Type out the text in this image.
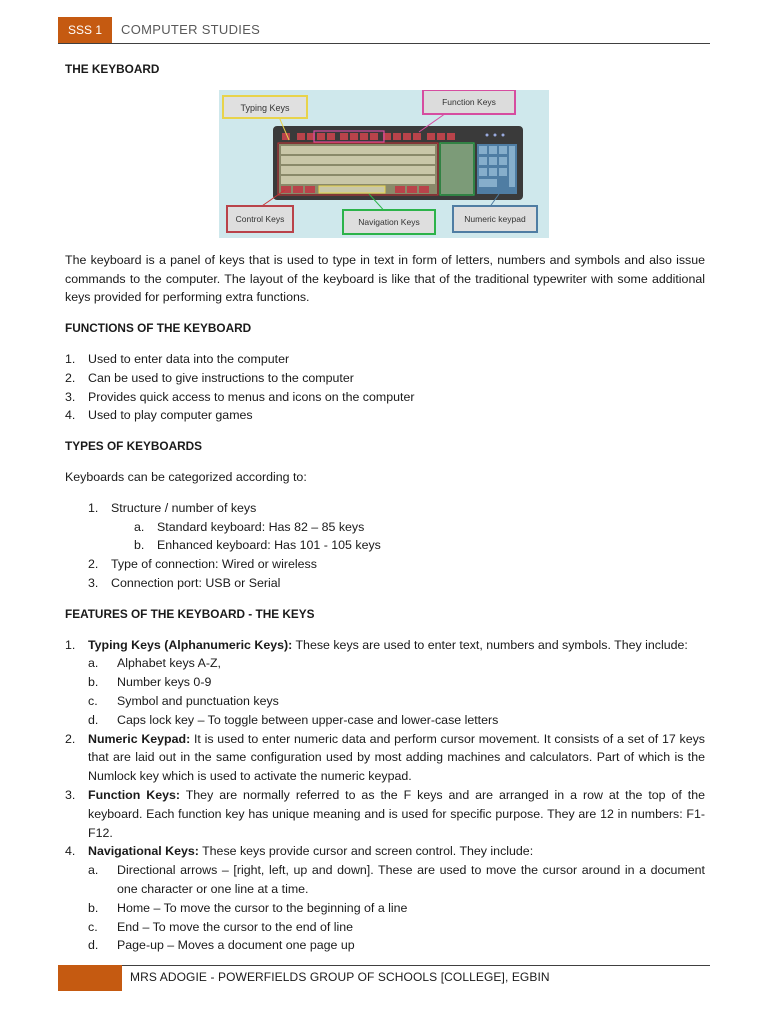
SSS 1	COMPUTER STUDIES
Typing Keys
Function Keys
Control Keys	Navigation Keys	Numeric keypad

THE KEYBOARD

The keyboard is a panel of keys that is used to type in text in form of letters, numbers and symbols and also issue commands to the computer. The layout of the keyboard is like that of the traditional typewriter with some additional keys provided for performing extra functions.

FUNCTIONS OF THE KEYBOARD

1.	Used to enter data into the computer
2.	Can be used to give instructions to the computer
3.	Provides quick access to menus and icons on the computer
4.	Used to play computer games

TYPES OF KEYBOARDS

Keyboards can be categorized according to:

1.	Structure / number of keys
a.	Standard keyboard: Has 82 – 85 keys
b.	Enhanced keyboard: Has 101 - 105 keys
2.	Type of connection: Wired or wireless
3.	Connection port: USB or Serial

FEATURES OF THE KEYBOARD - THE KEYS

1.	Typing Keys (Alphanumeric Keys): These keys are used to enter text, numbers and symbols. They include:
a.	Alphabet keys A-Z,
b.	Number keys 0-9
c.	Symbol and punctuation keys
d.	Caps lock key – To toggle between upper-case and lower-case letters
2.	Numeric Keypad: It is used to enter numeric data and perform cursor movement. It consists of a set of 17 keys that are laid out in the same configuration used by most adding machines and calculators. Part of which is the Numlock key which is used to activate the numeric keypad.
3.	Function Keys: They are normally referred to as the F keys and are arranged in a row at the top of the keyboard. Each function key has unique meaning and is used for specific purpose. They are 12 in numbers: F1-F12.
4.	Navigational Keys: These keys provide cursor and screen control. They include:
a.	Directional arrows – [right, left, up and down]. These are used to move the cursor around in a document one character or one line at a time.
b.	Home – To move the cursor to the beginning of a line
c.	End – To move the cursor to the end of line
d.	Page-up – Moves a document one page up
MRS ADOGIE - POWERFIELDS GROUP OF SCHOOLS [COLLEGE], EGBIN
